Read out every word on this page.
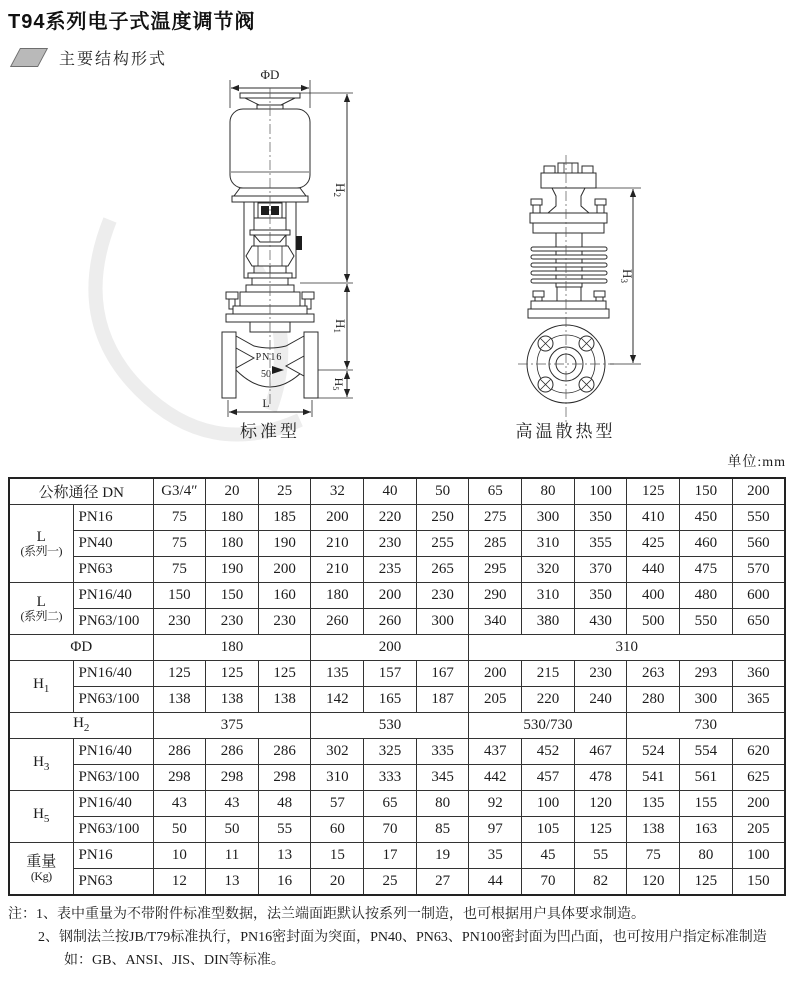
T94系列电子式温度调节阀
主要结构形式
ΦD
PN16
50
L
H2
H1
H5
H3
标准型	高温散热型
单位:mm
公称通径 DN		G3/4″	20	25	32	40	50	65	80	100	125	150	200
L
(系列一)	PN16	75	180	185	200	220	250	275	300	350	410	450	550
	PN40	75	180	190	210	230	255	285	310	355	425	460	560
	PN63	75	190	200	210	235	265	295	320	370	440	475	570
L
(系列二)	PN16/40	150	150	160	180	200	230	290	310	350	400	480	600
	PN63/100	230	230	230	260	260	300	340	380	430	500	550	650
ΦD		180			200			310					
$H_1$	PN16/40	125	125	125	135	157	167	200	215	230	263	293	360
	PN63/100	138	138	138	142	165	187	205	220	240	280	300	365
$H_2$		375			530			530/730			730		
$H_3$	PN16/40	286	286	286	302	325	335	437	452	467	524	554	620
	PN63/100	298	298	298	310	333	345	442	457	478	541	561	625
$H_5$	PN16/40	43	43	48	57	65	80	92	100	120	135	155	200
	PN63/100	50	50	55	60	70	85	97	105	125	138	163	205
重量
(Kg)	PN16	10	11	13	15	17	19	35	45	55	75	80	100
	PN63	12	13	16	20	25	27	44	70	82	120	125	150
注：1、表中重量为不带附件标准型数据，法兰端面距默认按系列一制造，也可根据用户具体要求制造。
2、钢制法兰按JB/T79标准执行，PN16密封面为突面，PN40、PN63、PN100密封面为凹凸面，也可按用户指定标准制造
如：GB、ANSI、JIS、DIN等标准。
